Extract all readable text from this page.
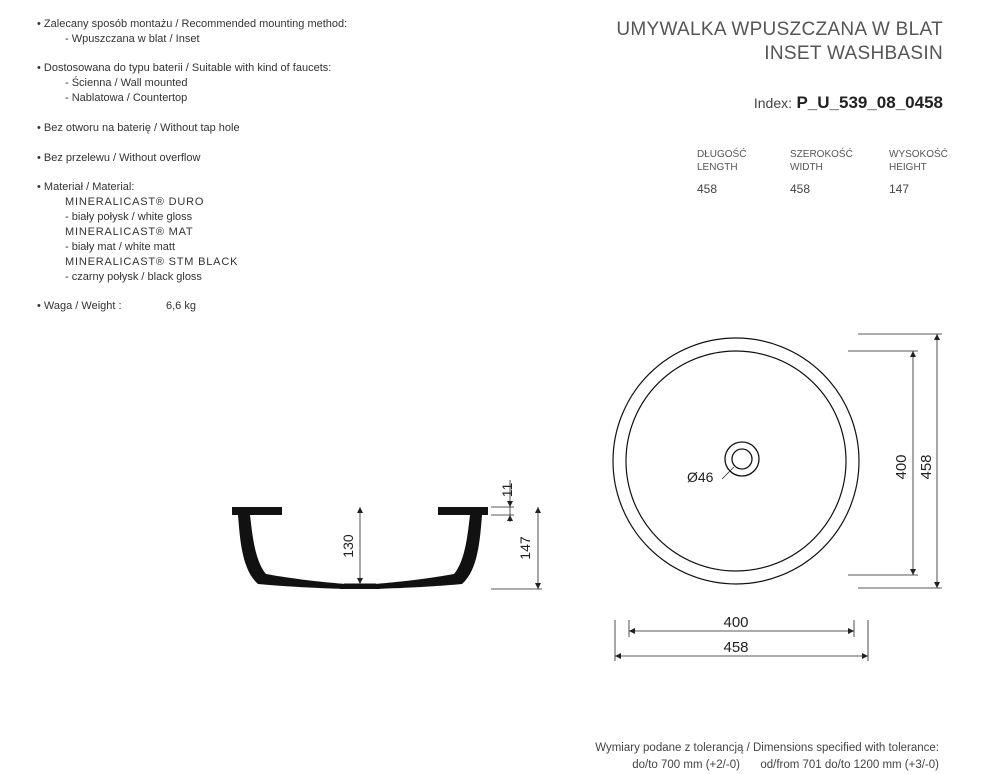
• Zalecany sposób montażu / Recommended mounting method:
- Wpuszczana w blat / Inset
• Dostosowana do typu baterii / Suitable with kind of faucets:
- Ścienna / Wall mounted
- Nablatowa / Countertop
• Bez otworu na baterię / Without tap hole
• Bez przelewu / Without overflow
• Materiał / Material:
MINERALICAST® DURO
- biały połysk / white gloss
MINERALICAST® MAT
- biały mat / white matt
MINERALICAST® STM BLACK
- czarny połysk / black gloss
• Waga / Weight :	6,6 kg
UMYWALKA WPUSZCZANA W BLAT
INSET WASHBASIN
Index: P_U_539_08_0458
DŁUGOŚĆ
LENGTH
458
SZEROKOŚĆ
WIDTH
458
WYSOKOŚĆ
HEIGHT
147
130
11
147
Ø46	400 458
400
458
Wymiary podane z tolerancją / Dimensions specified with tolerance:
do/to 700 mm (+2/-0) od/from 701 do/to 1200 mm (+3/-0)
